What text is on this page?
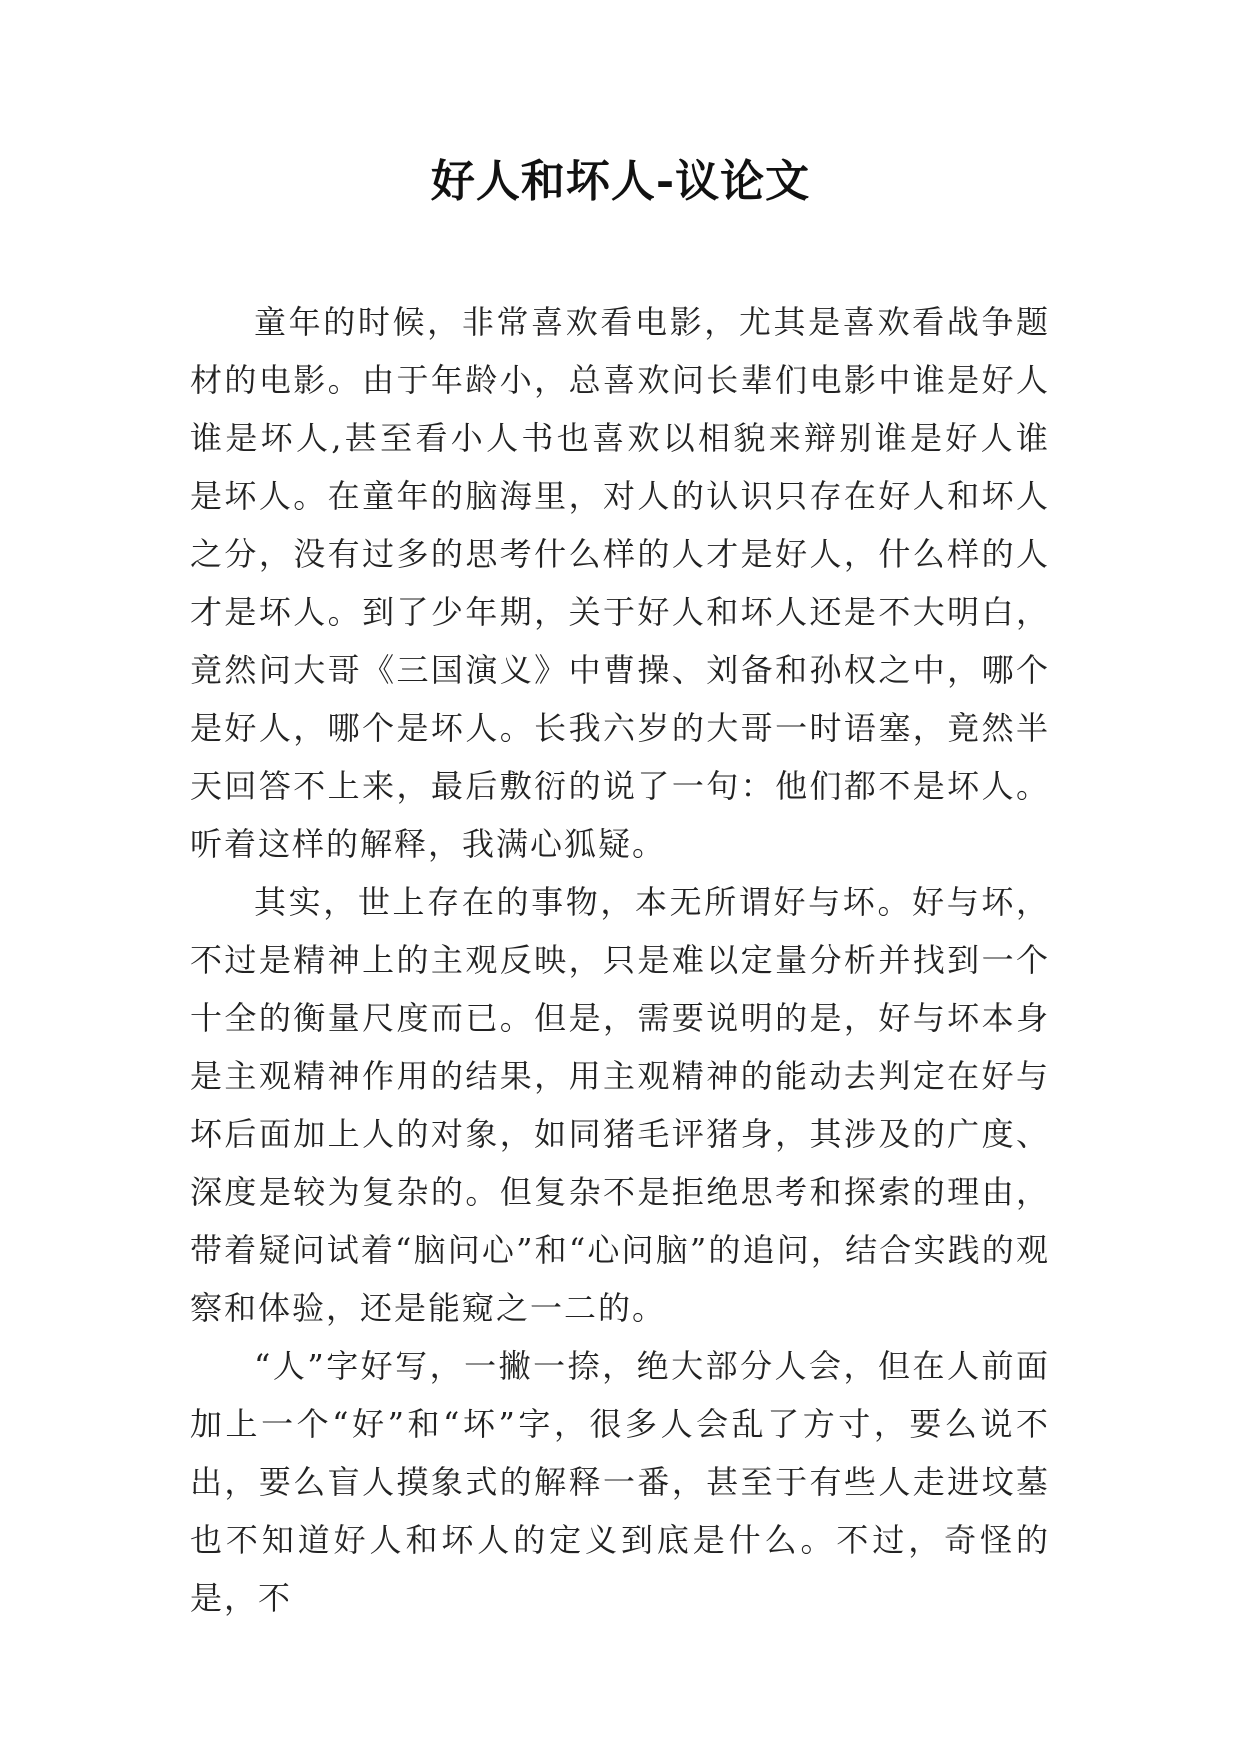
好人和坏人-议论文

童年的时候，非常喜欢看电影，尤其是喜欢看战争题材的电影。由于年龄小，总喜欢问长辈们电影中谁是好人谁是坏人,甚至看小人书也喜欢以相貌来辩别谁是好人谁是坏人。在童年的脑海里，对人的认识只存在好人和坏人之分，没有过多的思考什么样的人才是好人，什么样的人才是坏人。到了少年期，关于好人和坏人还是不大明白，竟然问大哥《三国演义》中曹操、刘备和孙权之中，哪个是好人，哪个是坏人。长我六岁的大哥一时语塞，竟然半天回答不上来，最后敷衍的说了一句：他们都不是坏人。听着这样的解释，我满心狐疑。

其实，世上存在的事物，本无所谓好与坏。好与坏，不过是精神上的主观反映，只是难以定量分析并找到一个十全的衡量尺度而已。但是，需要说明的是，好与坏本身是主观精神作用的结果，用主观精神的能动去判定在好与坏后面加上人的对象，如同猪毛评猪身，其涉及的广度、深度是较为复杂的。但复杂不是拒绝思考和探索的理由，带着疑问试着“脑问心”和“心问脑”的追问，结合实践的观察和体验，还是能窥之一二的。

“人”字好写，一撇一捺，绝大部分人会，但在人前面加上一个“好”和“坏”字，很多人会乱了方寸，要么说不出，要么盲人摸象式的解释一番，甚至于有些人走进坟墓也不知道好人和坏人的定义到底是什么。不过，奇怪的是，不
